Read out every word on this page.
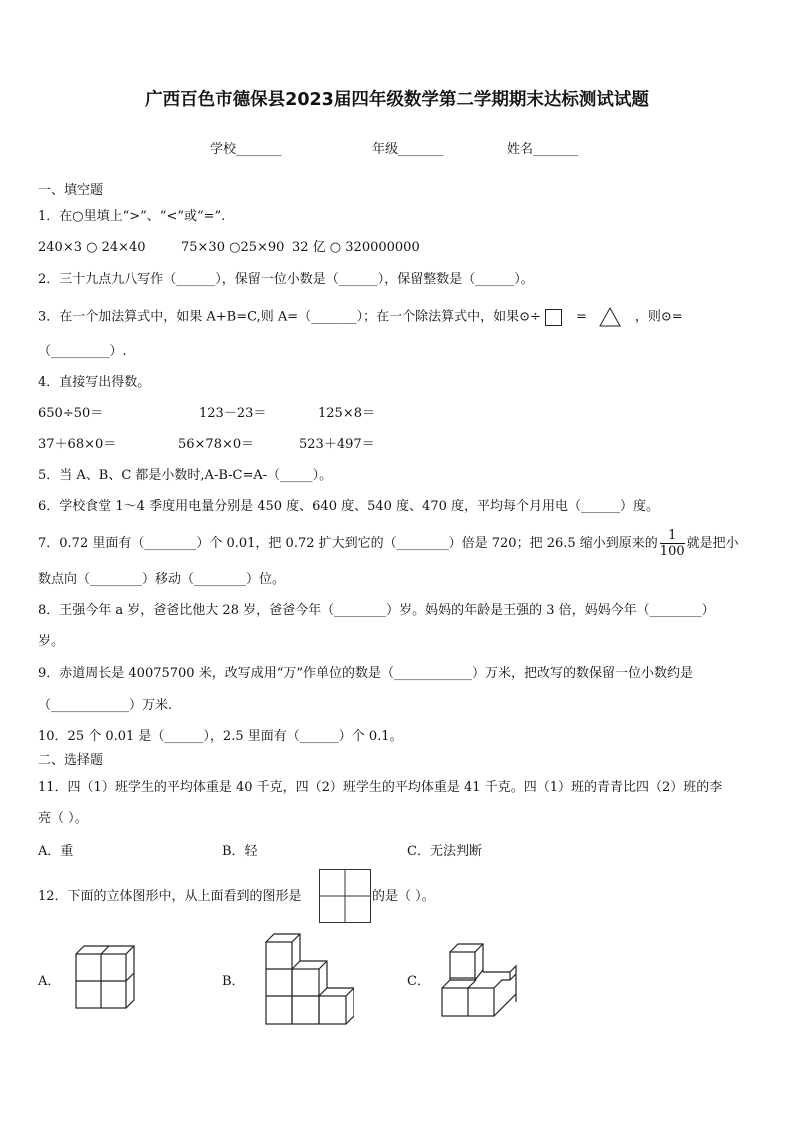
广西百色市德保县2023届四年级数学第二学期期末达标测试试题
学校_______	年级_______	姓名_______
一、填空题
1．在○里填上“>”、“<”或“=”.
240×3 ○ 24×40	75×30 ○25×90 32 亿 ○ 320000000
2．三十九点九八写作（______），保留一位小数是（______），保留整数是（______）。
3．在一个加法算式中，如果 A+B=C,则 A=（_______）；在一个除法算式中，如果⊙÷	=	，则⊙=
（_________）.
4．直接写出得数。
650÷50＝	123－23＝	125×8＝
37＋68×0＝	56×78×0＝	523＋497＝
5．当 A、B、C 都是小数时,A-B-C=A-（_____）。
6．学校食堂 1～4 季度用电量分别是 450 度、640 度、540 度、470 度，平均每个月用电（______）度。
7．0.72 里面有（________）个 0.01，把 0.72 扩大到它的（________）倍是 720；把 26.5 缩小到原来的 $\frac{1}{100}$ 就是把小
数点向（________）移动（________）位。
8．王强今年 a 岁，爸爸比他大 28 岁，爸爸今年（________）岁。妈妈的年龄是王强的 3 倍，妈妈今年（________）
岁。
9．赤道周长是 40075700 米，改写成用“万”作单位的数是（____________）万米，把改写的数保留一位小数约是
（____________）万米.
10．25 个 0.01 是（______），2.5 里面有（______）个 0.1。
二、选择题
11．四（1）班学生的平均体重是 40 千克，四（2）班学生的平均体重是 41 千克。四（1）班的青青比四（2）班的李
亮（ ）。
A．重	B．轻	C．无法判断
12．下面的立体图形中，从上面看到的图形是	的是（ ）。
A．	B．	C．
